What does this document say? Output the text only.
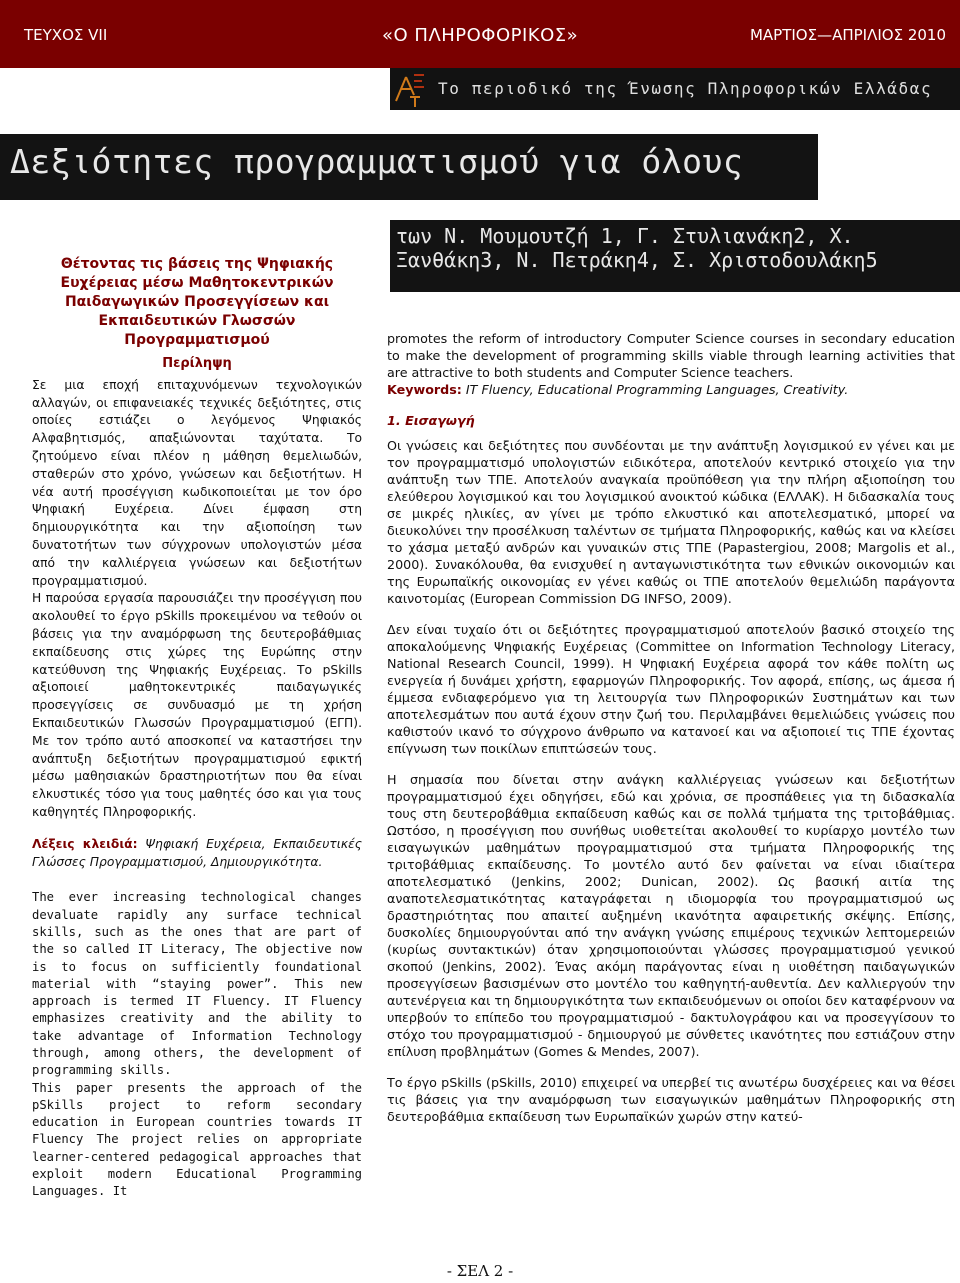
ΤΕΥΧΟΣ VII	«Ο ΠΛΗΡΟΦΟΡΙΚΟΣ»	ΜΑΡΤΙΟΣ—ΑΠΡΙΛΙΟΣ 2010
Το περιοδικό της Ένωσης Πληροφορικών Ελλάδας
Δεξιότητες προγραμματισμού για όλους
Θέτοντας τις βάσεις της Ψηφιακής Ευχέρειας μέσω Μαθητοκεντρικών Παιδαγωγικών Προσεγγίσεων και Εκπαιδευτικών Γλωσσών Προγραμματισμού
Περίληψη

Σε μια εποχή επιταχυνόμενων τεχνολογικών αλλαγών, οι επιφανειακές τεχνικές δεξιότητες, στις οποίες εστιάζει ο λεγόμενος Ψηφιακός Αλφαβητισμός, απαξιώνονται ταχύτατα. Το ζητούμενο είναι πλέον η μάθηση θεμελιωδών, σταθερών στο χρόνο, γνώσεων και δεξιοτήτων. Η νέα αυτή προσέγγιση κωδικοποιείται με τον όρο Ψηφιακή Ευχέρεια. Δίνει έμφαση στη δημιουργικότητα και την αξιοποίηση των δυνατοτήτων των σύγχρονων υπολογιστών μέσα από την καλλιέργεια γνώσεων και δεξιοτήτων προγραμματισμού.

Η παρούσα εργασία παρουσιάζει την προσέγγιση που ακολουθεί το έργο pSkills προκειμένου να τεθούν οι βάσεις για την αναμόρφωση της δευτεροβάθμιας εκπαίδευσης στις χώρες της Ευρώπης στην κατεύθυνση της Ψηφιακής Ευχέρειας. Το pSkills αξιοποιεί μαθητοκεντρικές παιδαγωγικές προσεγγίσεις σε συνδυασμό με τη χρήση Εκπαιδευτικών Γλωσσών Προγραμματισμού (ΕΓΠ). Με τον τρόπο αυτό αποσκοπεί να καταστήσει την ανάπτυξη δεξιοτήτων προγραμματισμού εφικτή μέσω μαθησιακών δραστηριοτήτων που θα είναι ελκυστικές τόσο για τους μαθητές όσο και για τους καθηγητές Πληροφορικής.

Λέξεις κλειδιά: Ψηφιακή Ευχέρεια, Εκπαιδευτικές Γλώσσες Προγραμματισμού, Δημιουργικότητα.

The ever increasing technological changes devaluate rapidly any surface technical skills, such as the ones that are part of the so called IT Literacy, The objective now is to focus on sufficiently foundational material with “staying power”. This new approach is termed IT Fluency. IT Fluency emphasizes creativity and the ability to take advantage of Information Technology through, among others, the development of programming skills.

This paper presents the approach of the pSkills project to reform secondary education in European countries towards IT Fluency The project relies on appropriate learner-centered pedagogical approaches that exploit modern Educational Programming Languages. It

των Ν. Μουμουτζή 1, Γ. Στυλιανάκη2, Χ. Ξανθάκη3, Ν. Πετράκη4, Σ. Χριστοδουλάκη5

promotes the reform of introductory Computer Science courses in secondary education to make the development of programming skills viable through learning activities that are attractive to both students and Computer Science teachers.

Keywords: IT Fluency, Educational Programming Languages, Creativity.

1. Εισαγωγή

Οι γνώσεις και δεξιότητες που συνδέονται με την ανάπτυξη λογισμικού εν γένει και με τον προγραμματισμό υπολογιστών ειδικότερα, αποτελούν κεντρικό στοιχείο για την ανάπτυξη των ΤΠΕ. Αποτελούν αναγκαία προϋπόθεση για την πλήρη αξιοποίηση του ελεύθερου λογισμικού και του λογισμικού ανοικτού κώδικα (ΕΛΛΑΚ). Η διδασκαλία τους σε μικρές ηλικίες, αν γίνει με τρόπο ελκυστικό και αποτελεσματικό, μπορεί να διευκολύνει την προσέλκυση ταλέντων σε τμήματα Πληροφορικής, καθώς και να κλείσει το χάσμα μεταξύ ανδρών και γυναικών στις ΤΠΕ (Papastergiou, 2008; Margolis et al., 2000). Συνακόλουθα, θα ενισχυθεί η ανταγωνιστικότητα των εθνικών οικονομιών και της Ευρωπαϊκής οικονομίας εν γένει καθώς οι ΤΠΕ αποτελούν θεμελιώδη παράγοντα καινοτομίας (European Commission DG INFSO, 2009).

Δεν είναι τυχαίο ότι οι δεξιότητες προγραμματισμού αποτελούν βασικό στοιχείο της αποκαλούμενης Ψηφιακής Ευχέρειας (Committee on Information Technology Literacy, National Research Council, 1999). Η Ψηφιακή Ευχέρεια αφορά τον κάθε πολίτη ως ενεργεία ή δυνάμει χρήστη, εφαρμογών Πληροφορικής. Τον αφορά, επίσης, ως άμεσα ή έμμεσα ενδιαφερόμενο για τη λειτουργία των Πληροφορικών Συστημάτων και των αποτελεσμάτων που αυτά έχουν στην ζωή του. Περιλαμβάνει θεμελιώδεις γνώσεις που καθιστούν ικανό το σύγχρονο άνθρωπο να κατανοεί και να αξιοποιεί τις ΤΠΕ έχοντας επίγνωση των ποικίλων επιπτώσεών τους.

Η σημασία που δίνεται στην ανάγκη καλλιέργειας γνώσεων και δεξιοτήτων προγραμματισμού έχει οδηγήσει, εδώ και χρόνια, σε προσπάθειες για τη διδασκαλία τους στη δευτεροβάθμια εκπαίδευση καθώς και σε πολλά τμήματα της τριτοβάθμιας. Ωστόσο, η προσέγγιση που συνήθως υιοθετείται ακολουθεί το κυρίαρχο μοντέλο των εισαγωγικών μαθημάτων προγραμματισμού στα τμήματα Πληροφορικής της τριτοβάθμιας εκπαίδευσης. Το μοντέλο αυτό δεν φαίνεται να είναι ιδιαίτερα αποτελεσματικό (Jenkins, 2002; Dunican, 2002). Ως βασική αιτία της αναποτελεσματικότητας καταγράφεται η ιδιομορφία του προγραμματισμού ως δραστηριότητας που απαιτεί αυξημένη ικανότητα αφαιρετικής σκέψης. Επίσης, δυσκολίες δημιουργούνται από την ανάγκη γνώσης επιμέρους τεχνικών λεπτομερειών (κυρίως συντακτικών) όταν χρησιμοποιούνται γλώσσες προγραμματισμού γενικού σκοπού (Jenkins, 2002). Ένας ακόμη παράγοντας είναι η υιοθέτηση παιδαγωγικών προσεγγίσεων βασισμένων στο μοντέλο του καθηγητή-αυθεντία. Δεν καλλιεργούν την αυτενέργεια και τη δημιουργικότητα των εκπαιδευόμενων οι οποίοι δεν καταφέρνουν να υπερβούν το επίπεδο του προγραμματισμού - δακτυλογράφου και να προσεγγίσουν το στόχο του προγραμματισμού - δημιουργού με σύνθετες ικανότητες που εστιάζουν στην επίλυση προβλημάτων (Gomes & Mendes, 2007).

Το έργο pSkills (pSkills, 2010) επιχειρεί να υπερβεί τις ανωτέρω δυσχέρειες και να θέσει τις βάσεις για την αναμόρφωση των εισαγωγικών μαθημάτων Πληροφορικής στη δευτεροβάθμια εκπαίδευση των Ευρωπαϊκών χωρών στην κατεύ-

- ΣΕΛ 2 -
